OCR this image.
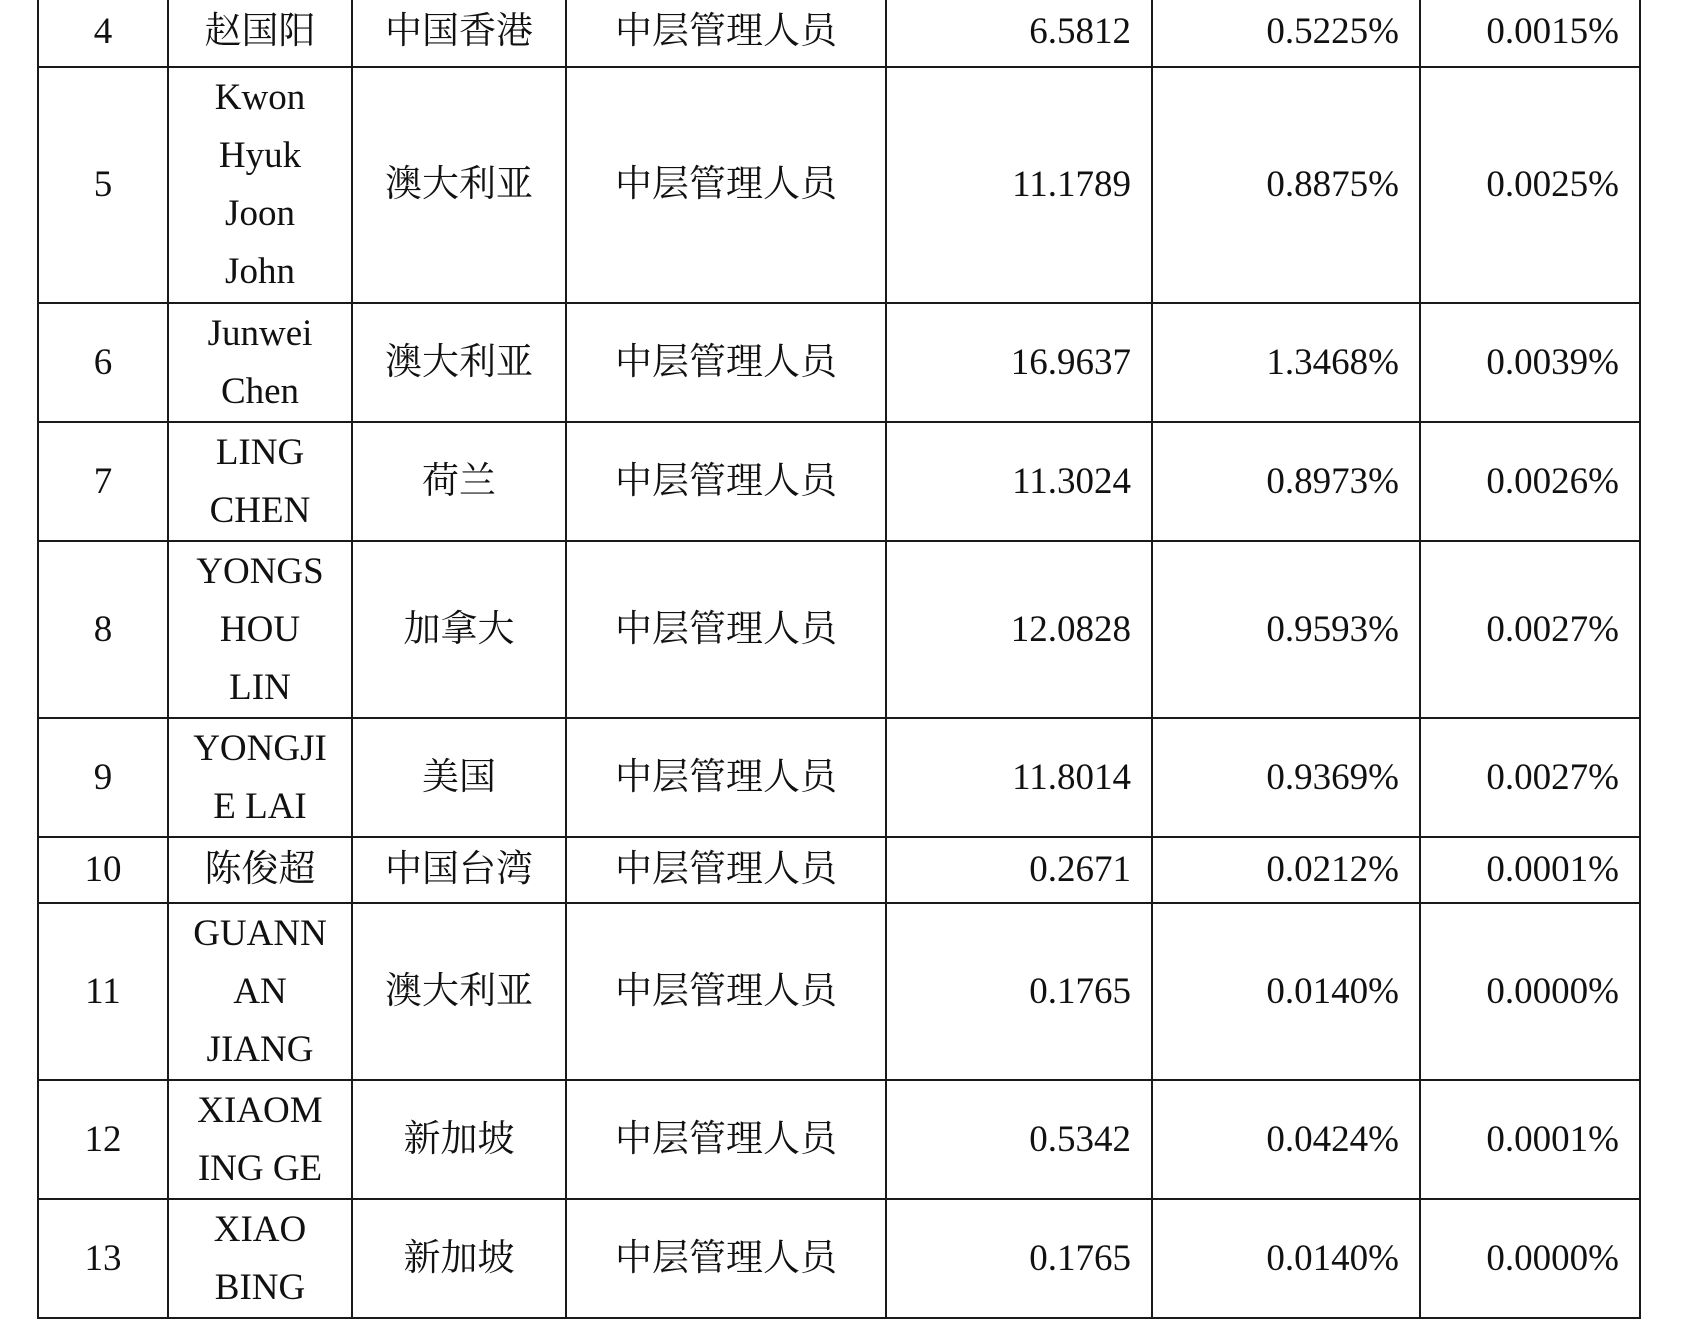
4	赵国阳	中国香港	中层管理人员	6.5812	0.5225%	0.0015%
5	Kwon
Hyuk
Joon
John	澳大利亚	中层管理人员	11.1789	0.8875%	0.0025%
6	Junwei
Chen	澳大利亚	中层管理人员	16.9637	1.3468%	0.0039%
7	LING
CHEN	荷兰	中层管理人员	11.3024	0.8973%	0.0026%
8	YONGS
HOU
LIN	加拿大	中层管理人员	12.0828	0.9593%	0.0027%
9	YONGJI
E LAI	美国	中层管理人员	11.8014	0.9369%	0.0027%
10	陈俊超	中国台湾	中层管理人员	0.2671	0.0212%	0.0001%
11	GUANN
AN
JIANG	澳大利亚	中层管理人员	0.1765	0.0140%	0.0000%
12	XIAOM
ING GE	新加坡	中层管理人员	0.5342	0.0424%	0.0001%
13	XIAO
BING	新加坡	中层管理人员	0.1765	0.0140%	0.0000%
